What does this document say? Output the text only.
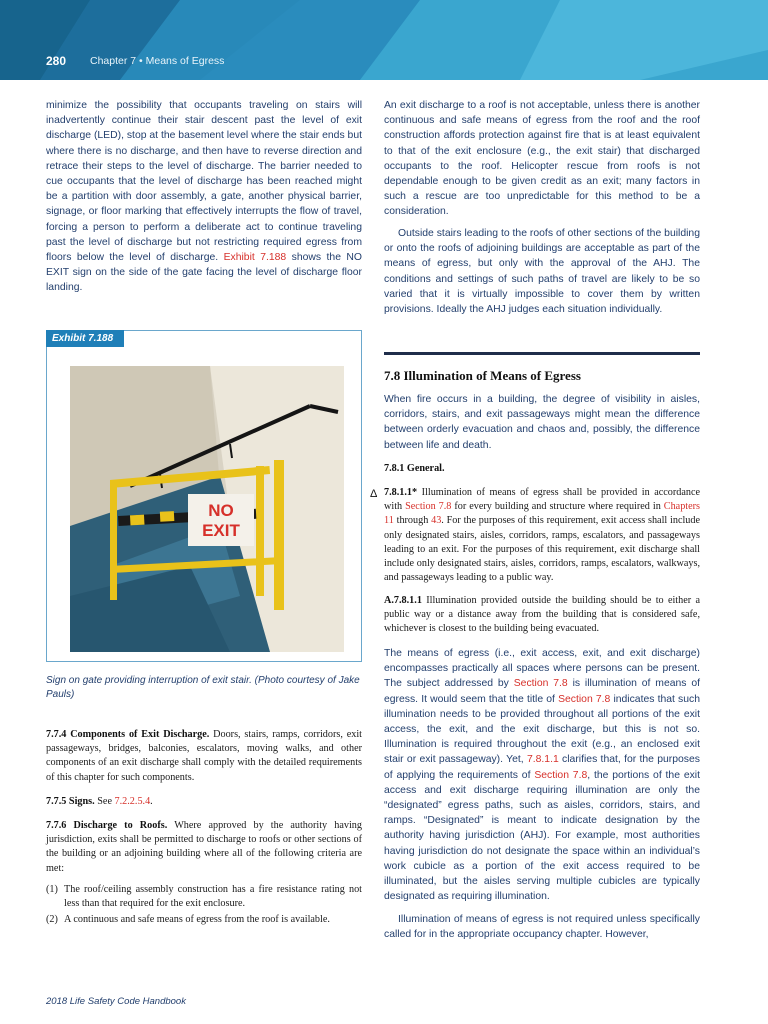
280 Chapter 7 • Means of Egress
minimize the possibility that occupants traveling on stairs will inadvertently continue their stair descent past the level of exit discharge (LED), stop at the basement level where the stair ends but where there is no discharge, and then have to reverse direction and retrace their steps to the level of discharge. The barrier needed to cue occupants that the level of discharge has been reached might be a partition with door assembly, a gate, another physical barrier, signage, or floor marking that effectively interrupts the flow of travel, forcing a person to perform a deliberate act to continue traveling past the level of discharge but not restricting required egress from floors below the level of discharge. Exhibit 7.188 shows the NO EXIT sign on the side of the gate facing the level of discharge floor landing.
Exhibit 7.188
NO
EXIT
Sign on gate providing interruption of exit stair. (Photo courtesy of Jake Pauls)
7.7.4 Components of Exit Discharge. Doors, stairs, ramps, corridors, exit passageways, bridges, balconies, escalators, moving walks, and other components of an exit discharge shall comply with the detailed requirements of this chapter for such components.
7.7.5 Signs. See 7.2.2.5.4.
7.7.6 Discharge to Roofs. Where approved by the authority having jurisdiction, exits shall be permitted to discharge to roofs or other sections of the building or an adjoining building where all of the following criteria are met:
(1) The roof/ceiling assembly construction has a fire resistance rating not less than that required for the exit enclosure.
(2) A continuous and safe means of egress from the roof is available.
An exit discharge to a roof is not acceptable, unless there is another continuous and safe means of egress from the roof and the roof construction affords protection against fire that is at least equivalent to that of the exit enclosure (e.g., the exit stair) that discharged occupants to the roof. Helicopter rescue from roofs is not dependable enough to be given credit as an exit; many factors in such a rescue are too unpredictable for this method to be a consideration.
Outside stairs leading to the roofs of other sections of the building or onto the roofs of adjoining buildings are acceptable as part of the means of egress, but only with the approval of the AHJ. The conditions and settings of such paths of travel are likely to be so varied that it is virtually impossible to cover them by written provisions. Ideally the AHJ judges each situation individually.
7.8 Illumination of Means of Egress
When fire occurs in a building, the degree of visibility in aisles, corridors, stairs, and exit passageways might mean the difference between orderly evacuation and chaos and, possibly, the difference between life and death.
7.8.1 General.
Δ 7.8.1.1* Illumination of means of egress shall be provided in accordance with Section 7.8 for every building and structure where required in Chapters 11 through 43. For the purposes of this requirement, exit access shall include only designated stairs, aisles, corridors, ramps, escalators, and passageways leading to an exit. For the purposes of this requirement, exit discharge shall include only designated stairs, aisles, corridors, ramps, escalators, walkways, and passageways leading to a public way.
A.7.8.1.1 Illumination provided outside the building should be to either a public way or a distance away from the building that is considered safe, whichever is closest to the building being evacuated.
The means of egress (i.e., exit access, exit, and exit discharge) encompasses practically all spaces where persons can be present. The subject addressed by Section 7.8 is illumination of means of egress. It would seem that the title of Section 7.8 indicates that such illumination needs to be provided throughout all portions of the exit access, the exit, and the exit discharge, but this is not so. Illumination is required throughout the exit (e.g., an enclosed exit stair or exit passageway). Yet, 7.8.1.1 clarifies that, for the purposes of applying the requirements of Section 7.8, the portions of the exit access and exit discharge requiring illumination are only the “designated” egress paths, such as aisles, corridors, stairs, and ramps. “Designated” is meant to indicate designation by the authority having jurisdiction (AHJ). For example, most authorities having jurisdiction do not designate the space within an individual’s work cubicle as a portion of the exit access required to be illuminated, but the aisles serving multiple cubicles are typically designated as requiring illumination.
Illumination of means of egress is not required unless specifically called for in the appropriate occupancy chapter. However,
2018 Life Safety Code Handbook
